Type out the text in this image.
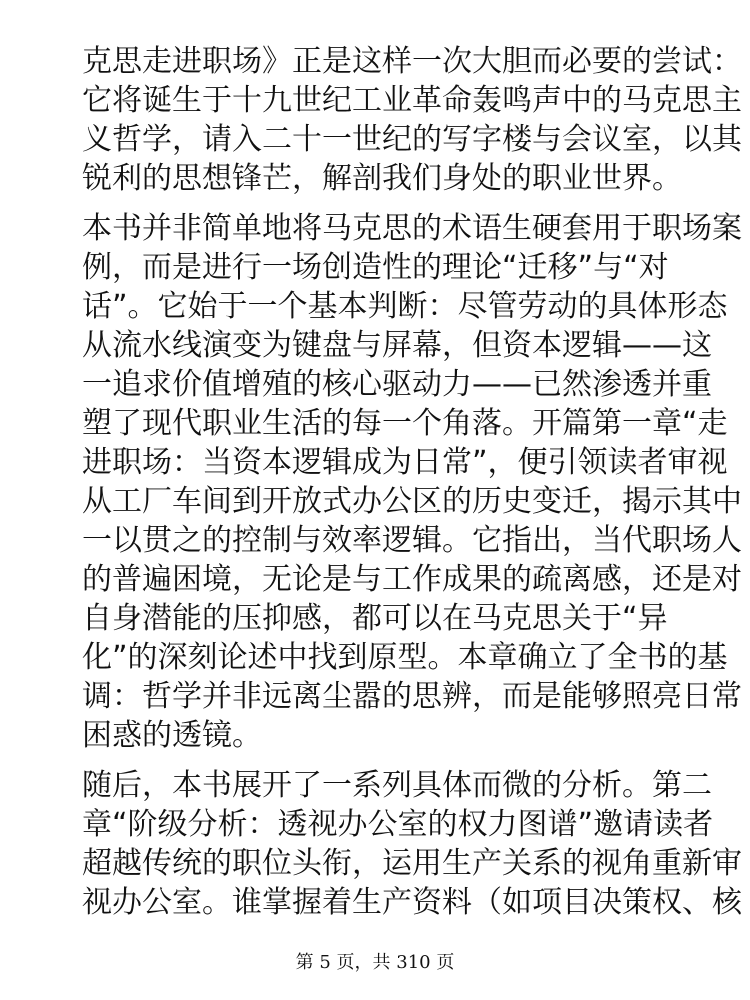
克思走进职场》正是这样一次大胆而必要的尝试：
它将诞生于十九世纪工业革命轰鸣声中的马克思主
义哲学，请入二十一世纪的写字楼与会议室，以其
锐利的思想锋芒，解剖我们身处的职业世界。

本书并非简单地将马克思的术语生硬套用于职场案
例，而是进行一场创造性的理论“迁移”与“对
话”。它始于一个基本判断：尽管劳动的具体形态
从流水线演变为键盘与屏幕，但资本逻辑——这
一追求价值增殖的核心驱动力——已然渗透并重
塑了现代职业生活的每一个角落。开篇第一章“走
进职场：当资本逻辑成为日常”，便引领读者审视
从工厂车间到开放式办公区的历史变迁，揭示其中
一以贯之的控制与效率逻辑。它指出，当代职场人
的普遍困境，无论是与工作成果的疏离感，还是对
自身潜能的压抑感，都可以在马克思关于“异
化”的深刻论述中找到原型。本章确立了全书的基
调：哲学并非远离尘嚣的思辨，而是能够照亮日常
困惑的透镜。

随后，本书展开了一系列具体而微的分析。第二
章“阶级分析：透视办公室的权力图谱”邀请读者
超越传统的职位头衔，运用生产关系的视角重新审
视办公室。谁掌握着生产资料（如项目决策权、核

第 5 页，共 310 页
